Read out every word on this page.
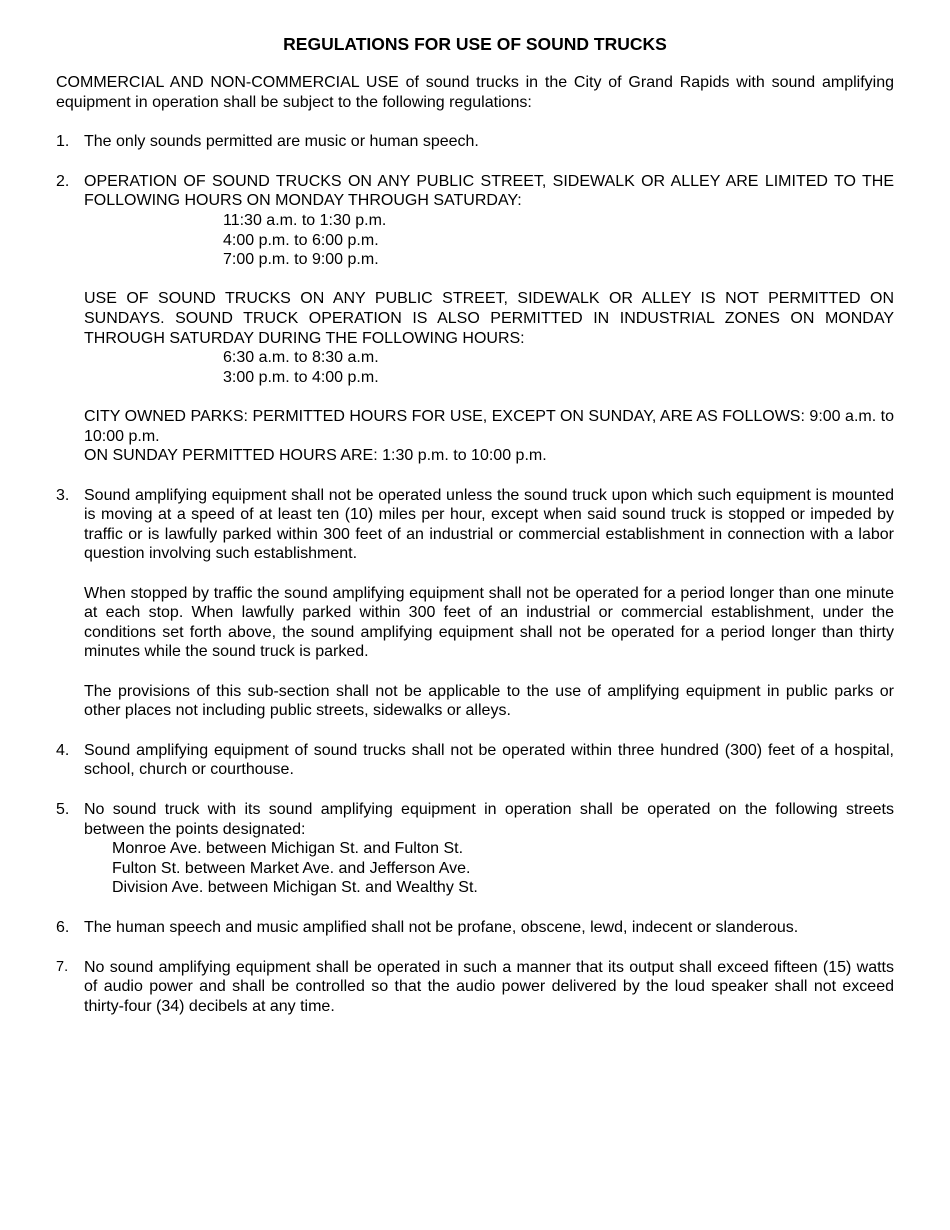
REGULATIONS FOR USE OF SOUND TRUCKS

COMMERCIAL AND NON-COMMERCIAL USE of sound trucks in the City of Grand Rapids with sound amplifying equipment in operation shall be subject to the following regulations:

1. The only sounds permitted are music or human speech.

2. OPERATION OF SOUND TRUCKS ON ANY PUBLIC STREET, SIDEWALK OR ALLEY ARE LIMITED TO THE FOLLOWING HOURS ON MONDAY THROUGH SATURDAY:

11:30 a.m. to 1:30 p.m.
4:00 p.m. to 6:00 p.m.
7:00 p.m. to 9:00 p.m.

USE OF SOUND TRUCKS ON ANY PUBLIC STREET, SIDEWALK OR ALLEY IS NOT PERMITTED ON SUNDAYS. SOUND TRUCK OPERATION IS ALSO PERMITTED IN INDUSTRIAL ZONES ON MONDAY THROUGH SATURDAY DURING THE FOLLOWING HOURS:

6:30 a.m. to 8:30 a.m.
3:00 p.m. to 4:00 p.m.

CITY OWNED PARKS: PERMITTED HOURS FOR USE, EXCEPT ON SUNDAY, ARE AS FOLLOWS: 9:00 a.m. to 10:00 p.m.

ON SUNDAY PERMITTED HOURS ARE: 1:30 p.m. to 10:00 p.m.

3. Sound amplifying equipment shall not be operated unless the sound truck upon which such equipment is mounted is moving at a speed of at least ten (10) miles per hour, except when said sound truck is stopped or impeded by traffic or is lawfully parked within 300 feet of an industrial or commercial establishment in connection with a labor question involving such establishment.

When stopped by traffic the sound amplifying equipment shall not be operated for a period longer than one minute at each stop. When lawfully parked within 300 feet of an industrial or commercial establishment, under the conditions set forth above, the sound amplifying equipment shall not be operated for a period longer than thirty minutes while the sound truck is parked.

The provisions of this sub-section shall not be applicable to the use of amplifying equipment in public parks or other places not including public streets, sidewalks or alleys.

4. Sound amplifying equipment of sound trucks shall not be operated within three hundred (300) feet of a hospital, school, church or courthouse.

5. No sound truck with its sound amplifying equipment in operation shall be operated on the following streets between the points designated:

Monroe Ave. between Michigan St. and Fulton St.
Fulton St. between Market Ave. and Jefferson Ave.
Division Ave. between Michigan St. and Wealthy St.
6. The human speech and music amplified shall not be profane, obscene, lewd, indecent or slanderous.

7. No sound amplifying equipment shall be operated in such a manner that its output shall exceed fifteen (15) watts of audio power and shall be controlled so that the audio power delivered by the loud speaker shall not exceed thirty-four (34) decibels at any time.
